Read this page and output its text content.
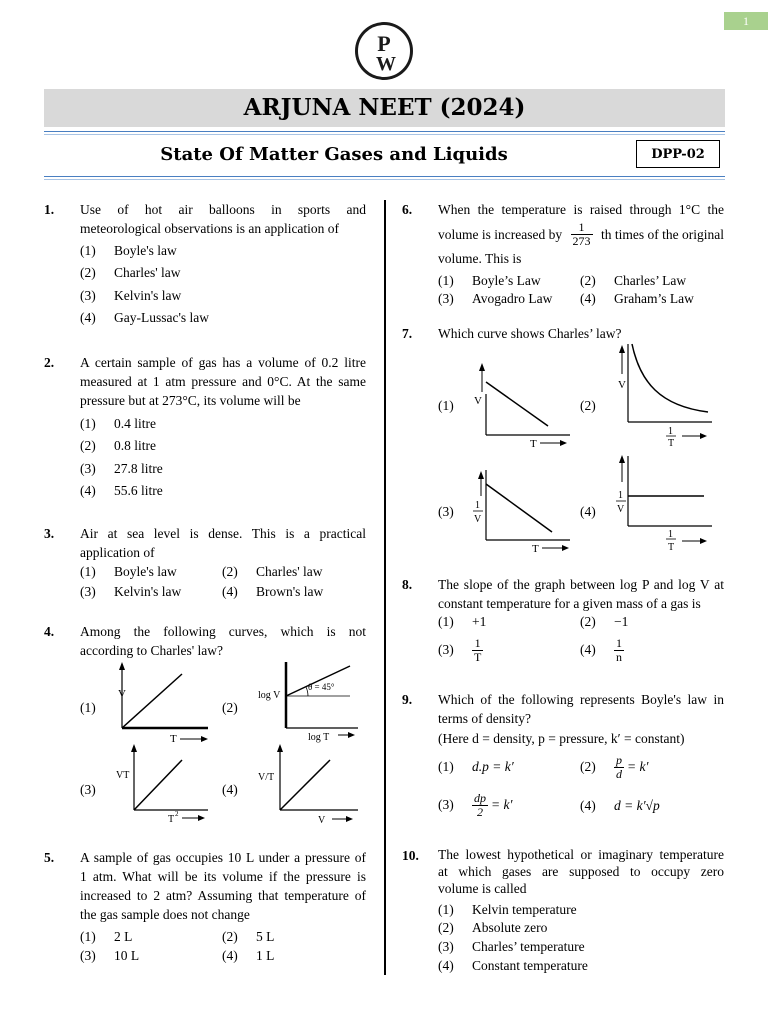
1
P
W
ARJUNA NEET (2024)
State Of Matter Gases and Liquids	DPP-02
1. Use of hot air balloons in sports and
meteorological observations is an application of
(1) Boyle's law
(2) Charles' law
(3) Kelvin's law
(4) Gay-Lussac's law
2. A certain sample of gas has a volume of 0.2 litre
measured at 1 atm pressure and 0°C. At the same
pressure but at 273°C, its volume will be
(1) 0.4 litre
(2) 0.8 litre
(3) 27.8 litre
(4) 55.6 litre
3. Air at sea level is dense. This is a practical
application of
(1) Boyle's law	(2) Charles' law
(3) Kelvin's law	(4) Brown's law
4. Among the following curves, which is not
according to Charles' law?
(1)	(2)
(3)	(4)
V
T
θ = 45°
log V
log T
VT
T 2
V/T
V
5. A sample of gas occupies 10 L under a pressure of
1 atm. What will be its volume if the pressure is
increased to 2 atm? Assuming that temperature of
the gas sample does not change
(1) 2 L	(2) 5 L
(3) 10 L	(4) 1 L
6. When the temperature is raised through 1°C the
volume is increased by $\frac{1}{273}$ th times of the original
volume. This is
(1) Boyle’s Law	(2) Charles’ Law
(3) Avogadro Law (4) Graham’s Law
7. Which curve shows Charles’ law?
(1)	(2)
(3)	(4)
V
T
V
1
T
1
V
T
1
V
1
T
8. The slope of the graph between log P and log V at
constant temperature for a given mass of a gas is
(1) +1	(2) −1
$(3) \frac{1}{T}$	$(4) \frac{1}{n}$
9. Which of the following represents Boyle's law in
terms of density?
(Here d = density, p = pressure, k′ = constant)
(1) d.p = k′	$(2) \frac{p}{d} = k'$
$(3) \frac{dp}{2} = k'$	(4) d = k′√p
10. The lowest hypothetical or imaginary temperature
at which gases are supposed to occupy zero
volume is called
(1) Kelvin temperature
(2) Absolute zero
(3) Charles’ temperature
(4) Constant temperature
